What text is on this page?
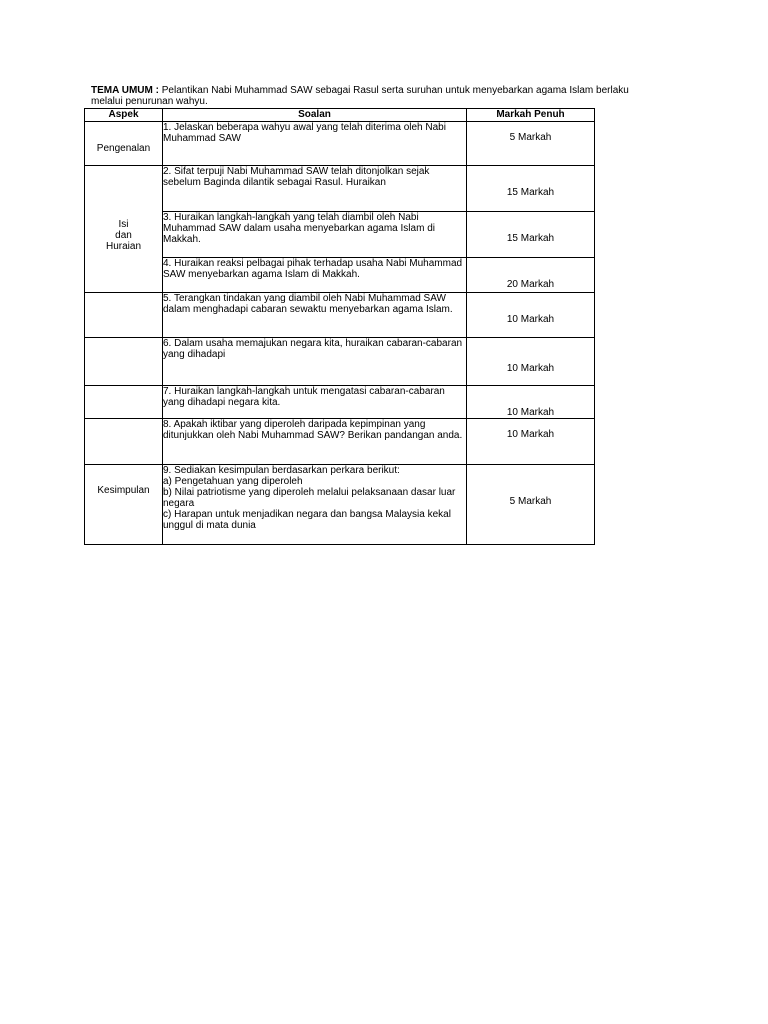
TEMA UMUM : Pelantikan Nabi Muhammad SAW sebagai Rasul serta suruhan untuk menyebarkan agama Islam berlaku melalui penurunan wahyu.
Aspek	Soalan	Markah Penuh

Pengenalan	1. Jelaskan beberapa wahyu awal yang telah diterima oleh Nabi Muhammad SAW	5 Markah

Isi
dan
Huraian	2. Sifat terpuji Nabi Muhammad SAW telah ditonjolkan sejak sebelum Baginda dilantik sebagai Rasul. Huraikan	15 Markah

	3. Huraikan langkah-langkah yang telah diambil oleh Nabi Muhammad SAW dalam usaha menyebarkan agama Islam di Makkah.	15 Markah

	4. Huraikan reaksi pelbagai pihak terhadap usaha Nabi Muhammad SAW menyebarkan agama Islam di Makkah.	20 Markah

	5. Terangkan tindakan yang diambil oleh Nabi Muhammad SAW dalam menghadapi cabaran sewaktu menyebarkan agama Islam.	10 Markah

	6. Dalam usaha memajukan negara kita, huraikan cabaran-cabaran yang dihadapi	10 Markah

	7. Huraikan langkah-langkah untuk mengatasi cabaran-cabaran yang dihadapi negara kita.	10 Markah

	8. Apakah iktibar yang diperoleh daripada kepimpinan yang ditunjukkan oleh Nabi Muhammad SAW? Berikan pandangan anda.	10 Markah

Kesimpulan	9. Sediakan kesimpulan berdasarkan perkara berikut:
a) Pengetahuan yang diperoleh
b) Nilai patriotisme yang diperoleh melalui pelaksanaan dasar luar negara
c) Harapan untuk menjadikan negara dan bangsa Malaysia kekal unggul di mata dunia	5 Markah
